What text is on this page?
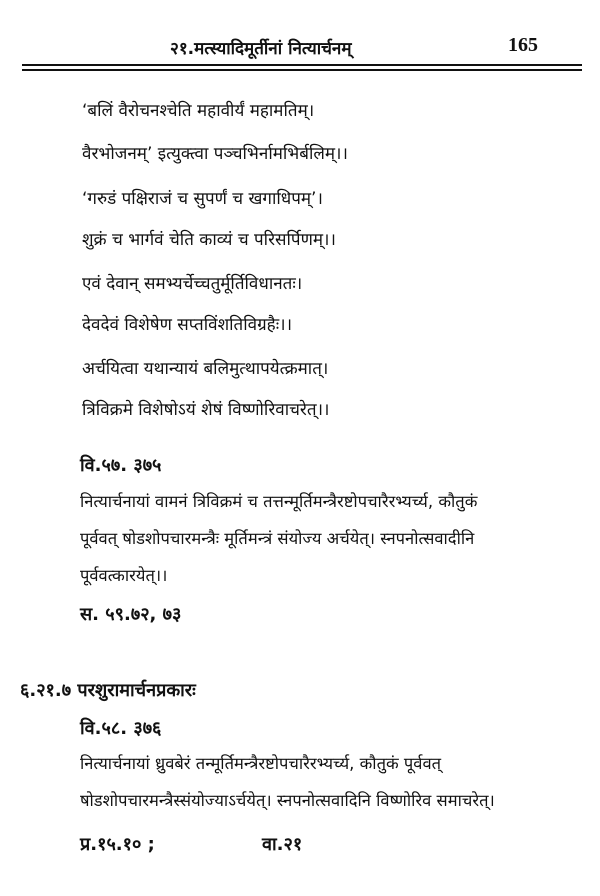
२१.मत्स्यादिमूर्तीनां नित्यार्चनम्	165
‘बलिं वैरोचनश्चेति महावीर्यं महामतिम्।
वैरभोजनम्’ इत्युक्त्वा पञ्चभिर्नामभिर्बलिम्।।
‘गरुडं पक्षिराजं च सुपर्णं च खगाधिपम्’।
शुक्रं च भार्गवं चेति काव्यं च परिसर्पिणम्।।
एवं देवान् समभ्यर्चेच्चतुर्मूर्तिविधानतः।
देवदेवं विशेषेण सप्तविंशतिविग्रहैः।।
अर्चयित्वा यथान्यायं बलिमुत्थापयेत्क्रमात्।
त्रिविक्रमे विशेषोऽयं शेषं विष्णोरिवाचरेत्।।
वि.५७. ३७५
नित्यार्चनायां वामनं त्रिविक्रमं च तत्तन्मूर्तिमन्त्रैरष्टोपचारैरभ्यर्च्य, कौतुकं
पूर्ववत् षोडशोपचारमन्त्रैः मूर्तिमन्त्रं संयोज्य अर्चयेत्। स्नपनोत्सवादीनि
पूर्ववत्कारयेत्।।
स. ५९.७२, ७३
६.२१.७ परशुरामार्चनप्रकारः
वि.५८. ३७६
नित्यार्चनायां ध्रुवबेरं तन्मूर्तिमन्त्रैरष्टोपचारैरभ्यर्च्य, कौतुकं पूर्ववत्
षोडशोपचारमन्त्रैस्संयोज्याऽर्चयेत्। स्नपनोत्सवादिनि विष्णोरिव समाचरेत्।
प्र.१५.१० ;	वा.२१
